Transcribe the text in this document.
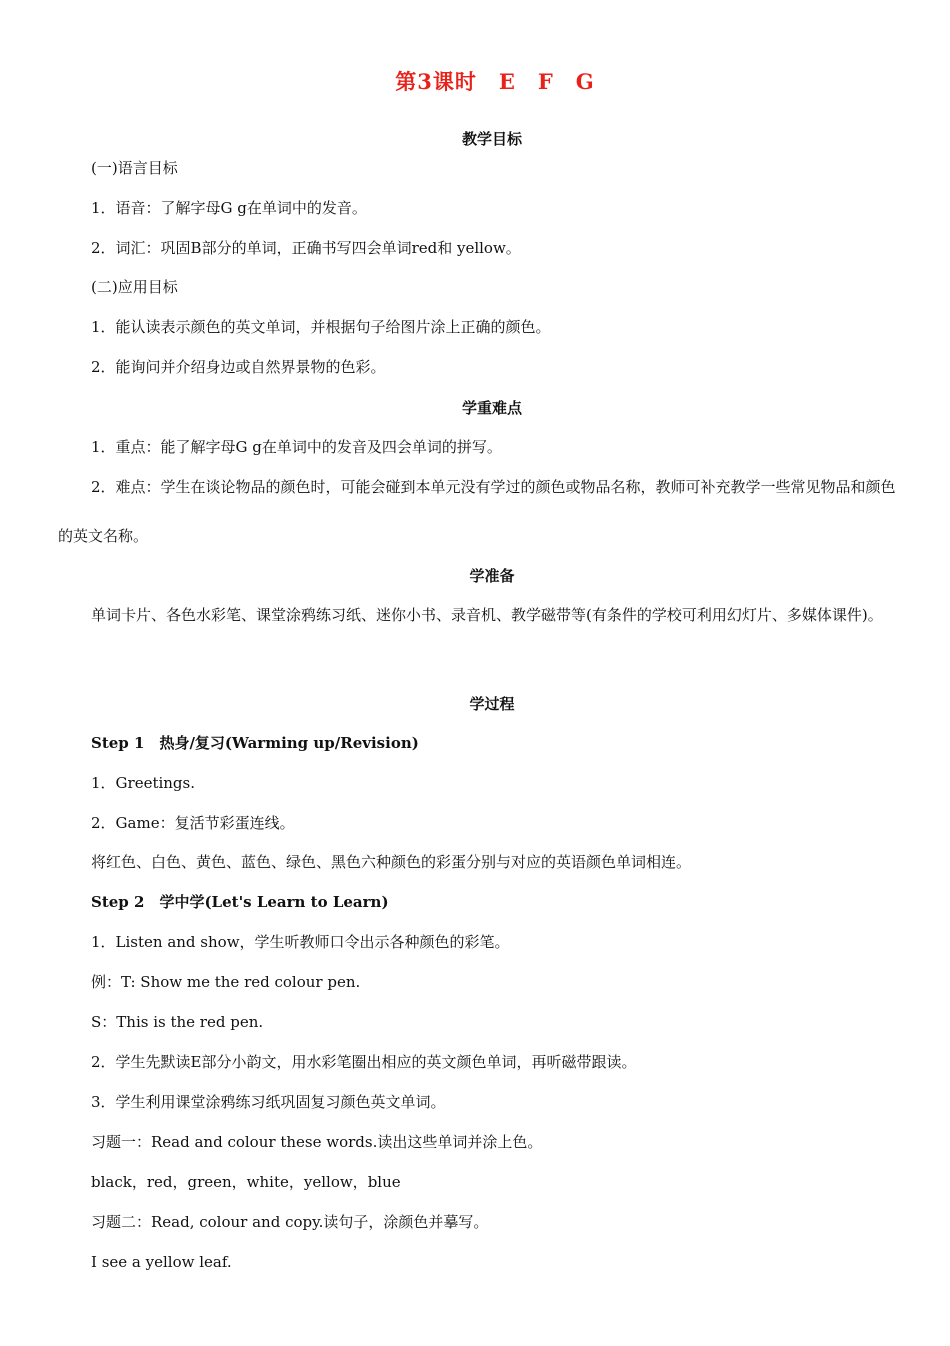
第3课时　E　F　G
教学目标
(一)语言目标
1．语音：了解字母G g在单词中的发音。
2．词汇：巩固B部分的单词，正确书写四会单词red和 yellow。
(二)应用目标
1．能认读表示颜色的英文单词，并根据句子给图片涂上正确的颜色。
2．能询问并介绍身边或自然界景物的色彩。
学重难点
1．重点：能了解字母G g在单词中的发音及四会单词的拼写。
2．难点：学生在谈论物品的颜色时，可能会碰到本单元没有学过的颜色或物品名称，教师可补充教学一些常见物品和颜色的英文名称。
学准备
单词卡片、各色水彩笔、课堂涂鸦练习纸、迷你小书、录音机、教学磁带等(有条件的学校可利用幻灯片、多媒体课件)。
学过程
Step 1　热身/复习(Warming up/Revision)
1．Greetings.
2．Game：复活节彩蛋连线。
将红色、白色、黄色、蓝色、绿色、黑色六种颜色的彩蛋分别与对应的英语颜色单词相连。
Step 2　学中学(Let's Learn to Learn)
1．Listen and show，学生听教师口令出示各种颜色的彩笔。
例：T: Show me the red colour pen.
S：This is the red pen.
2．学生先默读E部分小韵文，用水彩笔圈出相应的英文颜色单词，再听磁带跟读。
3．学生利用课堂涂鸦练习纸巩固复习颜色英文单词。
习题一：Read and colour these words.读出这些单词并涂上色。
black，red，green，white，yellow，blue
习题二：Read, colour and copy.读句子，涂颜色并摹写。
I see a yellow leaf.
